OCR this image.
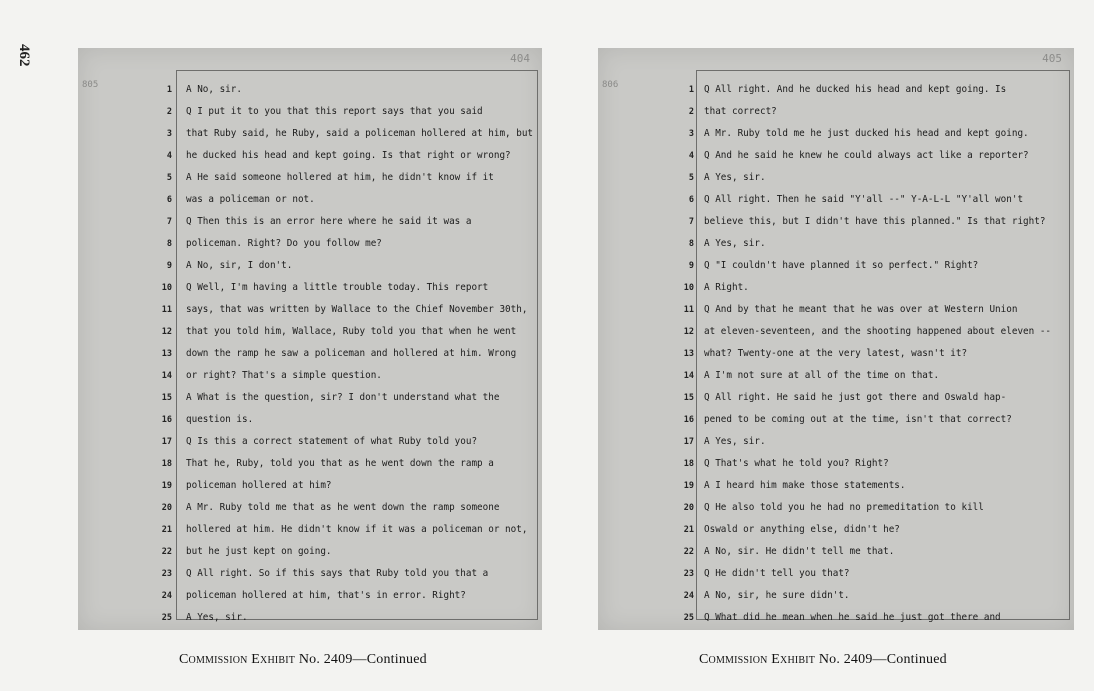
462	404
805	1 A No, sir.
2 Q I put it to you that this report says that you said
3 that Ruby said, he Ruby, said a policeman hollered at him, but
4 he ducked his head and kept going. Is that right or wrong?
5 A He said someone hollered at him, he didn't know if it
6 was a policeman or not.
7 Q Then this is an error here where he said it was a
8 policeman. Right? Do you follow me?
9 A No, sir, I don't.
10 Q Well, I'm having a little trouble today. This report
11 says, that was written by Wallace to the Chief November 30th,
12 that you told him, Wallace, Ruby told you that when he went
13 down the ramp he saw a policeman and hollered at him. Wrong
14 or right? That's a simple question.
15 A What is the question, sir? I don't understand what the
16 question is.
17 Q Is this a correct statement of what Ruby told you?
18 That he, Ruby, told you that as he went down the ramp a
19 policeman hollered at him?
20 A Mr. Ruby told me that as he went down the ramp someone
21 hollered at him. He didn't know if it was a policeman or not,
22 but he just kept on going.
23 Q All right. So if this says that Ruby told you that a
24 policeman hollered at him, that's in error. Right?
25 A Yes, sir.
405
806	1 Q All right. And he ducked his head and kept going. Is
2 that correct?
3 A Mr. Ruby told me he just ducked his head and kept going.
4 Q And he said he knew he could always act like a reporter?
5 A Yes, sir.
6 Q All right. Then he said "Y'all --" Y-A-L-L "Y'all won't
7 believe this, but I didn't have this planned." Is that right?
8 A Yes, sir.
9 Q "I couldn't have planned it so perfect." Right?
10 A Right.
11 Q And by that he meant that he was over at Western Union
12 at eleven-seventeen, and the shooting happened about eleven --
13 what? Twenty-one at the very latest, wasn't it?
14 A I'm not sure at all of the time on that.
15 Q All right. He said he just got there and Oswald hap-
16 pened to be coming out at the time, isn't that correct?
17 A Yes, sir.
18 Q That's what he told you? Right?
19 A I heard him make those statements.
20 Q He also told you he had no premeditation to kill
21 Oswald or anything else, didn't he?
22 A No, sir. He didn't tell me that.
23 Q He didn't tell you that?
24 A No, sir, he sure didn't.
25 Q What did he mean when he said he just got there and
Commission Exhibit No. 2409—Continued	Commission Exhibit No. 2409—Continued
